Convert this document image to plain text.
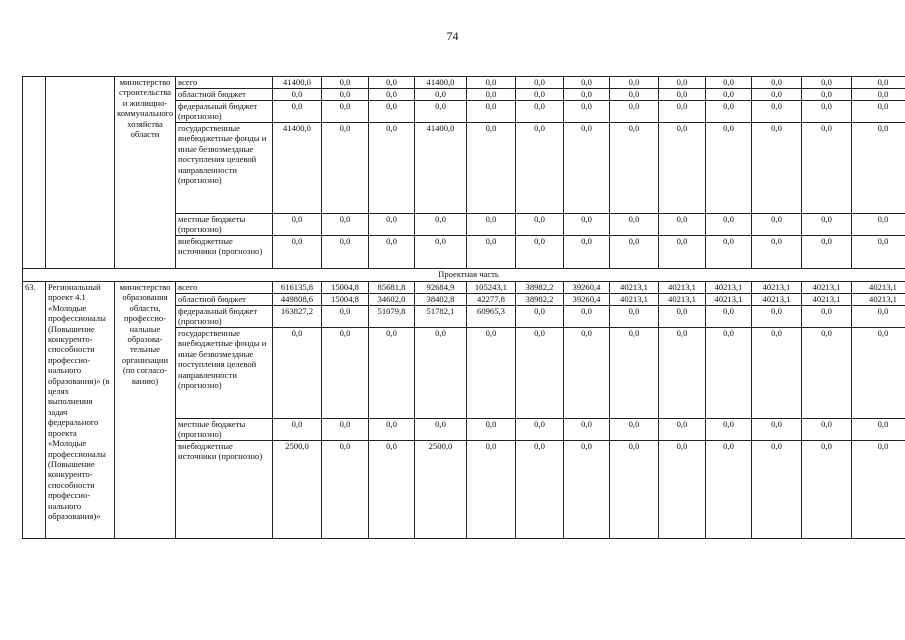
74
		министерство строительства и жилищно-коммунального хозяйства области	всего	41400,0	0,0	0,0	41400,0	0,0	0,0	0,0	0,0	0,0	0,0	0,0	0,0	0,0
			областной бюджет	0,0	0,0	0,0	0,0	0,0	0,0	0,0	0,0	0,0	0,0	0,0	0,0	0,0
			федеральный бюджет (прогнозно)	0,0	0,0	0,0	0,0	0,0	0,0	0,0	0,0	0,0	0,0	0,0	0,0	0,0
			государственные внебюджетные фонды и иные безвозмездные поступления целевой направленности (прогнозно)	41400,0	0,0	0,0	41400,0	0,0	0,0	0,0	0,0	0,0	0,0	0,0	0,0	0,0
			местные бюджеты (прогнозно)	0,0	0,0	0,0	0,0	0,0	0,0	0,0	0,0	0,0	0,0	0,0	0,0	0,0
			внебюджетные источники (прогнозно)	0,0	0,0	0,0	0,0	0,0	0,0	0,0	0,0	0,0	0,0	0,0	0,0	0,0
Проектная часть																
63.	Региональный проект 4.1 «Молодые профессионалы (Повышение конкуренто-способности профессио-нального образования)» (в целях выполнения задач федерального проекта «Молодые профессионалы (Повышение конкуренто-способности профессио-нального образования)»	министерство образования области, профессио-нальные образова-тельные организации (по согласо-ванию)	всего	616135,8	15004,8	85681,8	92684,9	105243,1	38982,2	39260,4	40213,1	40213,1	40213,1	40213,1	40213,1	40213,1
			областной бюджет	449808,6	15004,8	34602,0	38402,8	42277,8	38982,2	39260,4	40213,1	40213,1	40213,1	40213,1	40213,1	40213,1
			федеральный бюджет (прогнозно)	163827,2	0,0	51079,8	51782,1	60965,3	0,0	0,0	0,0	0,0	0,0	0,0	0,0	0,0
			государственные внебюджетные фонды и иные безвозмездные поступления целевой направленности (прогнозно)	0,0	0,0	0,0	0,0	0,0	0,0	0,0	0,0	0,0	0,0	0,0	0,0	0,0
			местные бюджеты (прогнозно)	0,0	0,0	0,0	0,0	0,0	0,0	0,0	0,0	0,0	0,0	0,0	0,0	0,0
			внебюджетные источники (прогнозно)	2500,0	0,0	0,0	2500,0	0,0	0,0	0,0	0,0	0,0	0,0	0,0	0,0	0,0
